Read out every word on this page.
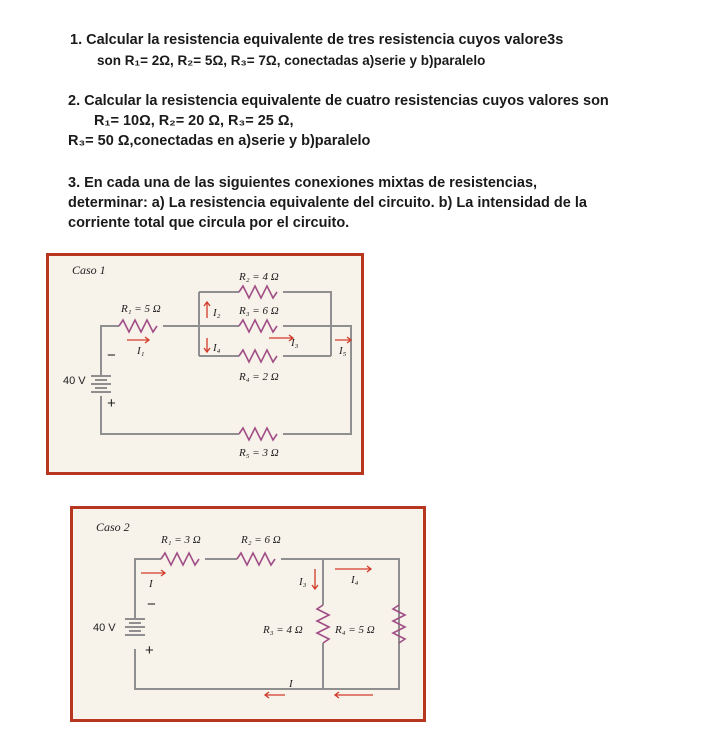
1. Calcular la resistencia equivalente de tres resistencia cuyos valore3s
son R₁= 2Ω, R₂= 5Ω, R₃= 7Ω, conectadas a)serie y b)paralelo
2. Calcular la resistencia equivalente de cuatro resistencias cuyos valores son
R₁= 10Ω, R₂= 20 Ω, R₃= 25 Ω,
R₃= 50 Ω,conectadas en a)serie y b)paralelo
3. En cada una de las siguientes conexiones mixtas de resistencias,
determinar: a) La resistencia equivalente del circuito. b) La intensidad de la
corriente total que circula por el circuito.
Caso 1
40 V
−
+
R₁ = 5 Ω
R₂ = 4 Ω
R₃ = 6 Ω
R₄ = 2 Ω
R₅ = 3 Ω
I₁
I₂
I₄	I₃
I₅
Caso 2
40 V
−
+
R₁ = 3 Ω	R₂ = 6 Ω
R₃ = 4 Ω	R₄ = 5 Ω
I	I₃	I₄
I
